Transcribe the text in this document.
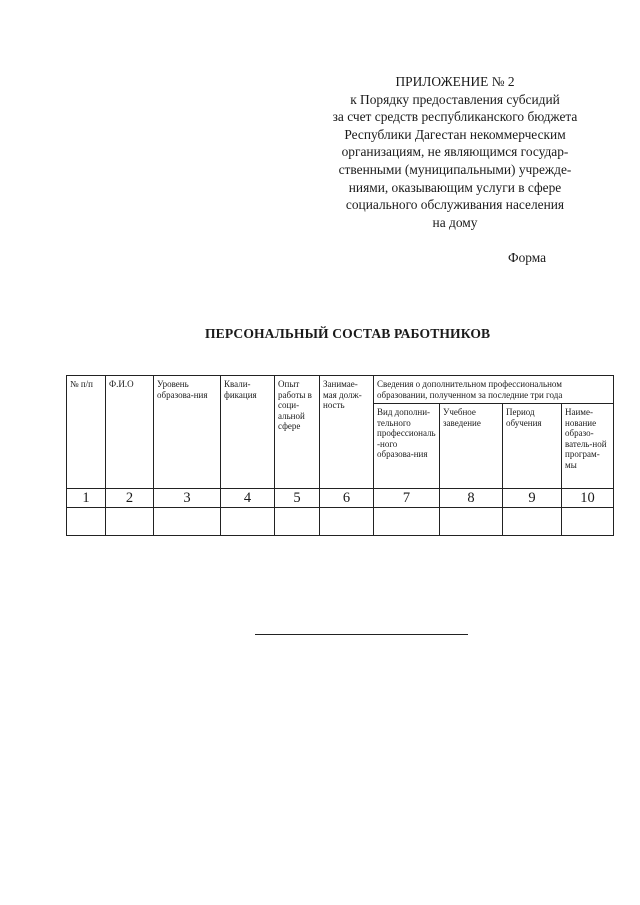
ПРИЛОЖЕНИЕ № 2
к Порядку предоставления субсидий
за счет средств республиканского бюджета
Республики Дагестан некоммерческим
организациям, не являющимся государ-
ственными (муниципальными) учрежде-
ниями, оказывающим услуги в сфере
социального обслуживания населения
на дому
Форма
ПЕРСОНАЛЬНЫЙ СОСТАВ РАБОТНИКОВ
№ п/п	Ф.И.О	Уровень образова-ния	Квали-фикация	Опыт работы в соци-альной сфере	Занимае-мая долж-ность	Сведения о дополнительном профессиональном образовании, полученном за последние три года			
						Вид дополни-тельного профессиональ-ного образова-ния	Учебное заведение	Период обучения	Наиме-нование образо-ватель-ной програм-мы
1	2	3	4	5	6	7	8	9	10
